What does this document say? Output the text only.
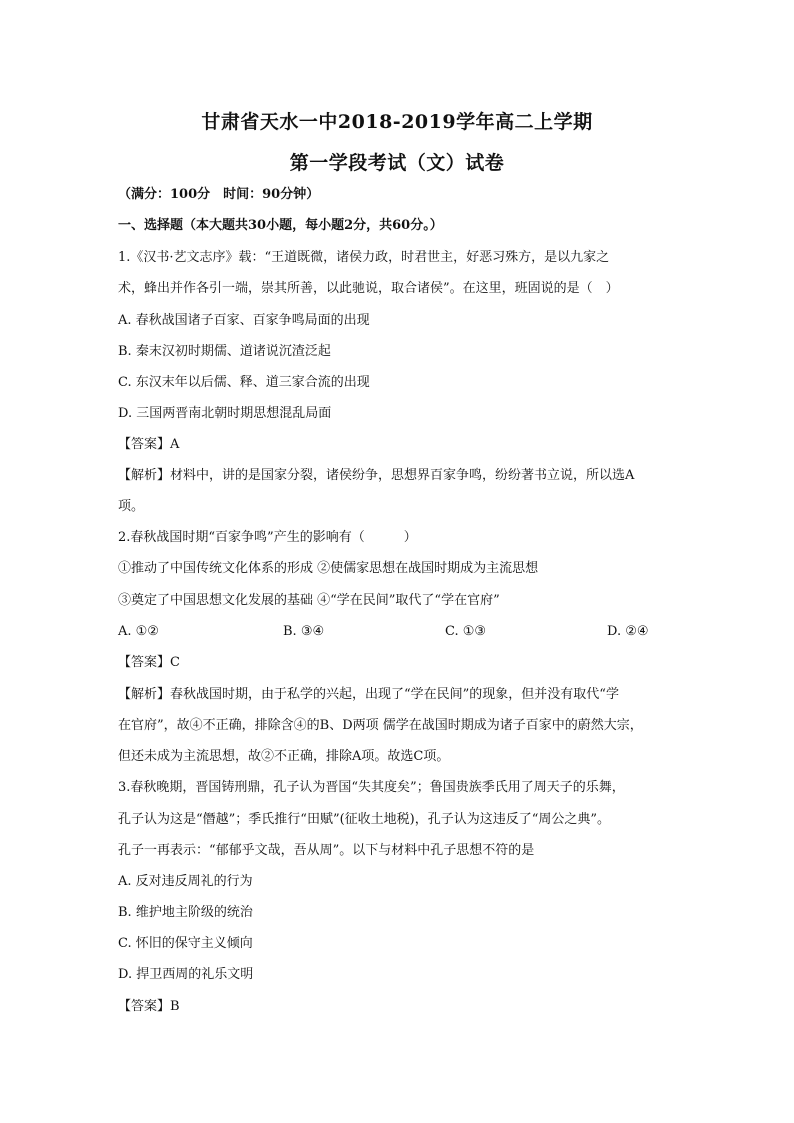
甘肃省天水一中2018-2019学年高二上学期
第一学段考试（文）试卷
（满分：100分　时间：90分钟）
一、选择题（本大题共30小题，每小题2分，共60分。）
1.《汉书·艺文志序》载：“王道既微，诸侯力政，时君世主，好恶习殊方，是以九家之
术，蜂出并作各引一端，崇其所善，以此驰说，取合诸侯”。在这里，班固说的是（　）
A. 春秋战国诸子百家、百家争鸣局面的出现
B. 秦末汉初时期儒、道诸说沉渣泛起
C. 东汉末年以后儒、释、道三家合流的出现
D. 三国两晋南北朝时期思想混乱局面
【答案】A
【解析】材料中，讲的是国家分裂，诸侯纷争，思想界百家争鸣，纷纷著书立说，所以选A
项。
2.春秋战国时期“百家争鸣”产生的影响有（　　　）
①推动了中国传统文化体系的形成 ②使儒家思想在战国时期成为主流思想
③奠定了中国思想文化发展的基础 ④“学在民间”取代了“学在官府”
A. ①②	B. ③④	C. ①③	D. ②④
【答案】C
【解析】春秋战国时期，由于私学的兴起，出现了“学在民间”的现象，但并没有取代“学
在官府”，故④不正确，排除含④的B、D两项 儒学在战国时期成为诸子百家中的蔚然大宗，
但还未成为主流思想，故②不正确，排除A项。故选C项。
3.春秋晚期，晋国铸刑鼎，孔子认为晋国“失其度矣”；鲁国贵族季氏用了周天子的乐舞，
孔子认为这是“僭越”；季氏推行“田赋”(征收土地税)，孔子认为这违反了“周公之典”。
孔子一再表示：“郁郁乎文哉，吾从周”。以下与材料中孔子思想不符的是
A. 反对违反周礼的行为
B. 维护地主阶级的统治
C. 怀旧的保守主义倾向
D. 捍卫西周的礼乐文明
【答案】B
